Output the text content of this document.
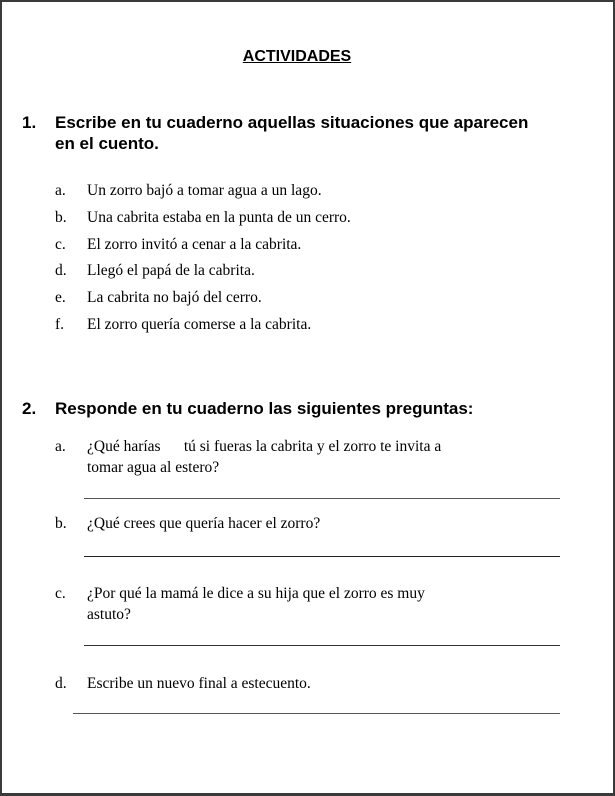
ACTIVIDADES
1. Escribe en tu cuaderno aquellas situaciones que aparecen
en el cuento.
a. Un zorro bajó a tomar agua a un lago.
b. Una cabrita estaba en la punta de un cerro.
c. El zorro invitó a cenar a la cabrita.
d. Llegó el papá de la cabrita.
e. La cabrita no bajó del cerro.
f. El zorro quería comerse a la cabrita.
2. Responde en tu cuaderno las siguientes preguntas:
a. ¿Qué harías      tú si fueras la cabrita y el zorro te invita a
tomar agua al estero?
b. ¿Qué crees que quería hacer el zorro?
c. ¿Por qué la mamá le dice a su hija que el zorro es muy
astuto?
d. Escribe un nuevo final a estecuento.
